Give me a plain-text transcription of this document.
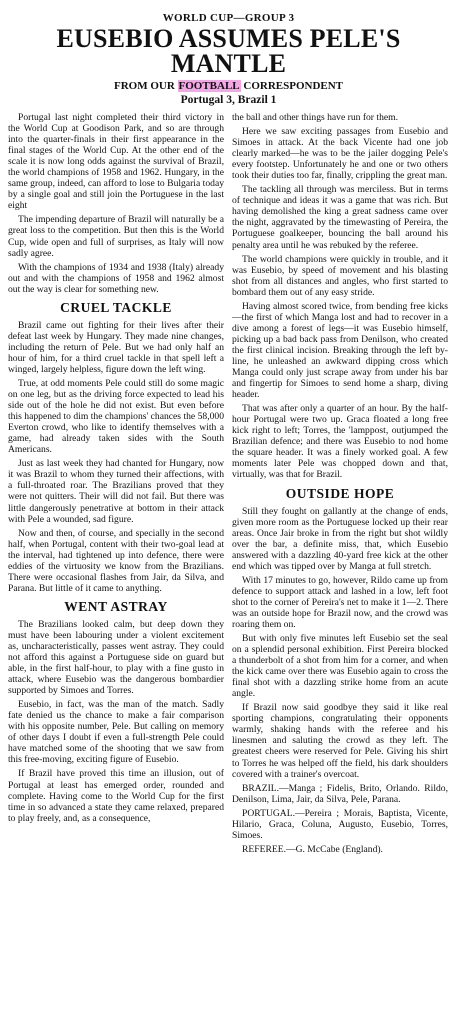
WORLD CUP—GROUP 3
EUSEBIO ASSUMES PELE'S
MANTLE
FROM OUR FOOTBALL CORRESPONDENT
Portugal 3, Brazil 1

Portugal last night completed their third victory in the World Cup at Goodison Park, and so are through into the quarter-finals in their first appearance in the final stages of the World Cup. At the other end of the scale it is now long odds against the survival of Brazil, the world champions of 1958 and 1962. Hungary, in the same group, indeed, can afford to lose to Bulgaria today by a single goal and still join the Portuguese in the last eight

The impending departure of Brazil will naturally be a great loss to the competition. But then this is the World Cup, wide open and full of surprises, as Italy will now sadly agree.

With the champions of 1934 and 1938 (Italy) already out and with the champions of 1958 and 1962 almost out the way is clear for something new.

CRUEL TACKLE

Brazil came out fighting for their lives after their defeat last week by Hungary. They made nine changes, including the return of Pele. But we had only half an hour of him, for a third cruel tackle in that spell left a winged, largely helpless, figure down the left wing.

True, at odd moments Pele could still do some magic on one leg, but as the driving force expected to lead his side out of the hole he did not exist. But even before this happened to dim the champions' chances the 58,000 Everton crowd, who like to identify themselves with a game, had already taken sides with the South Americans.

Just as last week they had chanted for Hungary, now it was Brazil to whom they turned their affections, with a full-throated roar. The Brazilians proved that they were not quitters. Their will did not fail. But there was little dangerously penetrative at bottom in their attack with Pele a wounded, sad figure.

Now and then, of course, and specially in the second half, when Portugal, content with their two-goal lead at the interval, had tightened up into defence, there were eddies of the virtuosity we know from the Brazilians. There were occasional flashes from Jair, da Silva, and Parana. But little of it came to anything.

WENT ASTRAY

The Brazilians looked calm, but deep down they must have been labouring under a violent excitement as, uncharacteristically, passes went astray. They could not afford this against a Portuguese side on guard but able, in the first half-hour, to play with a fine gusto in attack, where Eusebio was the dangerous bombardier supported by Simoes and Torres.

Eusebio, in fact, was the man of the match. Sadly fate denied us the chance to make a fair comparison with his opposite number, Pele. But calling on memory of other days I doubt if even a full-strength Pele could have matched some of the shooting that we saw from this free-moving, exciting figure of Eusebio.

If Brazil have proved this time an illusion, out of Portugal at least has emerged order, rounded and complete. Having come to the World Cup for the first time in so advanced a state they came relaxed, prepared to play freely, and, as a consequence,

the ball and other things have run for them.

Here we saw exciting passages from Eusebio and Simoes in attack. At the back Vicente had one job clearly marked—he was to be the jailer dogging Pele's every footstep. Unfortunately he and one or two others took their duties too far, finally, crippling the great man.

The tackling all through was merciless. But in terms of technique and ideas it was a game that was rich. But having demolished the king a great sadness came over the night, aggravated by the timewasting of Pereira, the Portuguese goalkeeper, bouncing the ball around his penalty area until he was rebuked by the referee.

The world champions were quickly in trouble, and it was Eusebio, by speed of movement and his blasting shot from all distances and angles, who first started to bombard them out of any easy stride.

Having almost scored twice, from bending free kicks—the first of which Manga lost and had to recover in a dive among a forest of legs—it was Eusebio himself, picking up a bad back pass from Denilson, who created the first clinical incision. Breaking through the left by-line, he unleashed an awkward dipping cross which Manga could only just scrape away from under his bar and fingertip for Simoes to send home a sharp, diving header.

That was after only a quarter of an hour. By the half-hour Portugal were two up. Graca floated a long free kick right to left; Torres, the 'lamppost, outjumped the Brazilian defence; and there was Eusebio to nod home the square header. It was a finely worked goal. A few moments later Pele was chopped down and that, virtually, was that for Brazil.

OUTSIDE HOPE

Still they fought on gallantly at the change of ends, given more room as the Portuguese locked up their rear areas. Once Jair broke in from the right but shot wildly over the bar, a definite miss, that, which Eusebio answered with a dazzling 40-yard free kick at the other end which was tipped over by Manga at full stretch.

With 17 minutes to go, however, Rildo came up from defence to support attack and lashed in a low, left foot shot to the corner of Pereira's net to make it 1—2. There was an outside hope for Brazil now, and the crowd was roaring them on.

But with only five minutes left Eusebio set the seal on a splendid personal exhibition. First Pereira blocked a thunderbolt of a shot from him for a corner, and when the kick came over there was Eusebio again to cross the final shot with a dazzling strike home from an acute angle.

If Brazil now said goodbye they said it like real sporting champions, congratulating their opponents warmly, shaking hands with the referee and his linesmen and saluting the crowd as they left. The greatest cheers were reserved for Pele. Giving his shirt to Torres he was helped off the field, his dark shoulders covered with a trainer's overcoat.

BRAZIL.—Manga ; Fidelis, Brito, Orlando. Rildo, Denilson, Lima, Jair, da Silva, Pele, Parana.

PORTUGAL.—Pereira ; Morais, Baptista, Vicente, Hilario, Graca, Coluna, Augusto, Eusebio, Torres, Simoes.

REFEREE.—G. McCabe (England).
